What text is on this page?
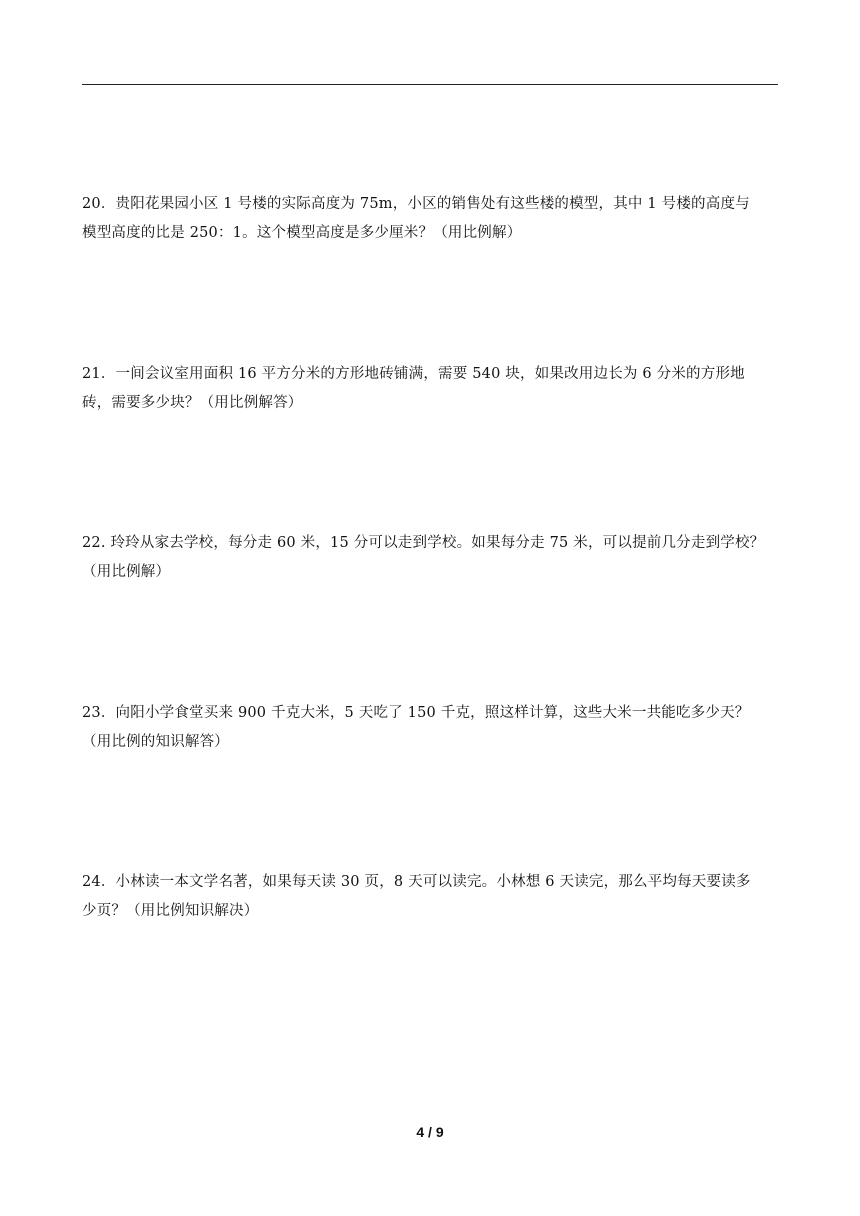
20．贵阳花果园小区 1 号楼的实际高度为 75m，小区的销售处有这些楼的模型，其中 1 号楼的高度与
模型高度的比是 250：1。这个模型高度是多少厘米？（用比例解）
21．一间会议室用面积 16 平方分米的方形地砖铺满，需要 540 块，如果改用边长为 6 分米的方形地
砖，需要多少块？（用比例解答）
22. 玲玲从家去学校，每分走 60 米，15 分可以走到学校。如果每分走 75 米，可以提前几分走到学校？
（用比例解）
23．向阳小学食堂买来 900 千克大米，5 天吃了 150 千克，照这样计算，这些大米一共能吃多少天？
（用比例的知识解答）
24．小林读一本文学名著，如果每天读 30 页，8 天可以读完。小林想 6 天读完，那么平均每天要读多
少页？（用比例知识解决）
4 / 9
